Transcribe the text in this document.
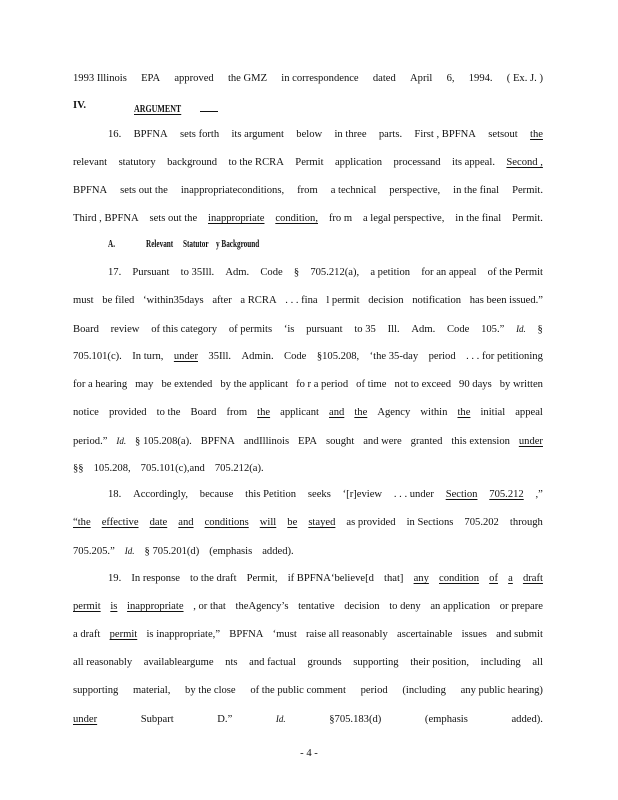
1993 Illinois EPA approved the GMZ in correspondence dated April 6, 1994. ( Ex. J. )
16. BPFNA sets forth its argument below in three parts. First , BPFNA setsout the
relevant statutory background to the RCRA Permit application processand its appeal. Second ,
BPFNA sets out the inappropriateconditions, from a technical perspective, in the final Permit.
Third , BPFNA sets out the inappropriate condition, fro m a legal perspective, in the final Permit.
17. Pursuant to 35Ill. Adm. Code § 705.212(a), a petition for an appeal of the Permit
must be filed ‘within35days after a RCRA . . . fina l permit decision notification has been issued.”
Board review of this category of permits ‘is pursuant to 35 Ill. Adm. Code 105.” Id. §
705.101(c). In turn, under 35Ill. Admin. Code §105.208, ‘the 35-day period . . . for petitioning
for a hearing may be extended by the applicant fo r a period of time not to exceed 90 days by written
notice provided to the Board from the applicant and the Agency within the initial appeal
period.” Id. § 105.208(a). BPFNA andIllinois EPA sought and were granted this extension under
§§ 105.208, 705.101(c),and 705.212(a).
18. Accordingly, because this Petition seeks ‘[r]eview . . . under Section 705.212 ,”
“the effective date and conditions will be stayed as provided in Sections 705.202 through
705.205.” Id. § 705.201(d) (emphasis added).
19. In response to the draft Permit, if BPFNA‘believe[d that] any condition of a draft
permit is inappropriate , or that theAgency’s tentative decision to deny an application or prepare
a draft permit is inappropriate,” BPFNA ‘must raise all reasonably ascertainable issues and submit
all reasonably availableargume nts and factual grounds supporting their position, including all
supporting material, by the close of the public comment period (including any public hearing)
under	Subpart	D.”	Id.	§705.183(d)	(emphasis	added).
IV.	ARGUMENT
A.	Relevant Statutor y Background
- 4 -
